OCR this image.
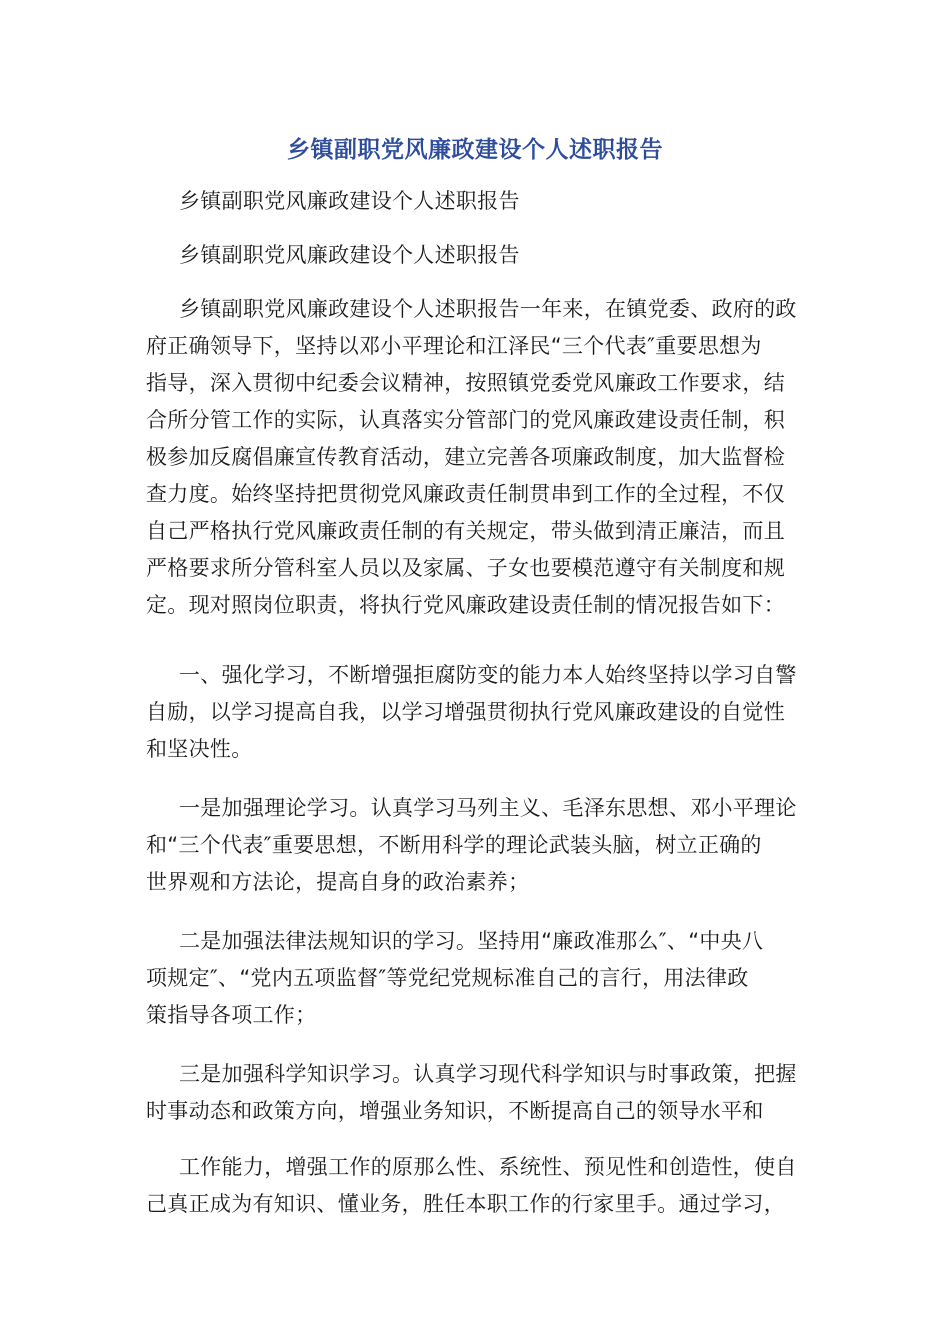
乡镇副职党风廉政建设个人述职报告
乡镇副职党风廉政建设个人述职报告
乡镇副职党风廉政建设个人述职报告
乡镇副职党风廉政建设个人述职报告一年来，在镇党委、政府的政
府正确领导下，坚持以邓小平理论和江泽民“三个代表″重要思想为
指导，深入贯彻中纪委会议精神，按照镇党委党风廉政工作要求，结
合所分管工作的实际，认真落实分管部门的党风廉政建设责任制，积
极参加反腐倡廉宣传教育活动，建立完善各项廉政制度，加大监督检
查力度。始终坚持把贯彻党风廉政责任制贯串到工作的全过程，不仅
自己严格执行党风廉政责任制的有关规定，带头做到清正廉洁，而且
严格要求所分管科室人员以及家属、子女也要模范遵守有关制度和规
定。现对照岗位职责，将执行党风廉政建设责任制的情况报告如下：
一、强化学习，不断增强拒腐防变的能力本人始终坚持以学习自警
自励，以学习提高自我，以学习增强贯彻执行党风廉政建设的自觉性
和坚决性。
一是加强理论学习。认真学习马列主义、毛泽东思想、邓小平理论
和“三个代表″重要思想，不断用科学的理论武装头脑，树立正确的
世界观和方法论，提高自身的政治素养；
二是加强法律法规知识的学习。坚持用“廉政准那么″、“中央八
项规定″、“党内五项监督″等党纪党规标准自己的言行，用法律政
策指导各项工作；
三是加强科学知识学习。认真学习现代科学知识与时事政策，把握
时事动态和政策方向，增强业务知识，不断提高自己的领导水平和
工作能力，增强工作的原那么性、系统性、预见性和创造性，使自
己真正成为有知识、懂业务，胜任本职工作的行家里手。通过学习，
